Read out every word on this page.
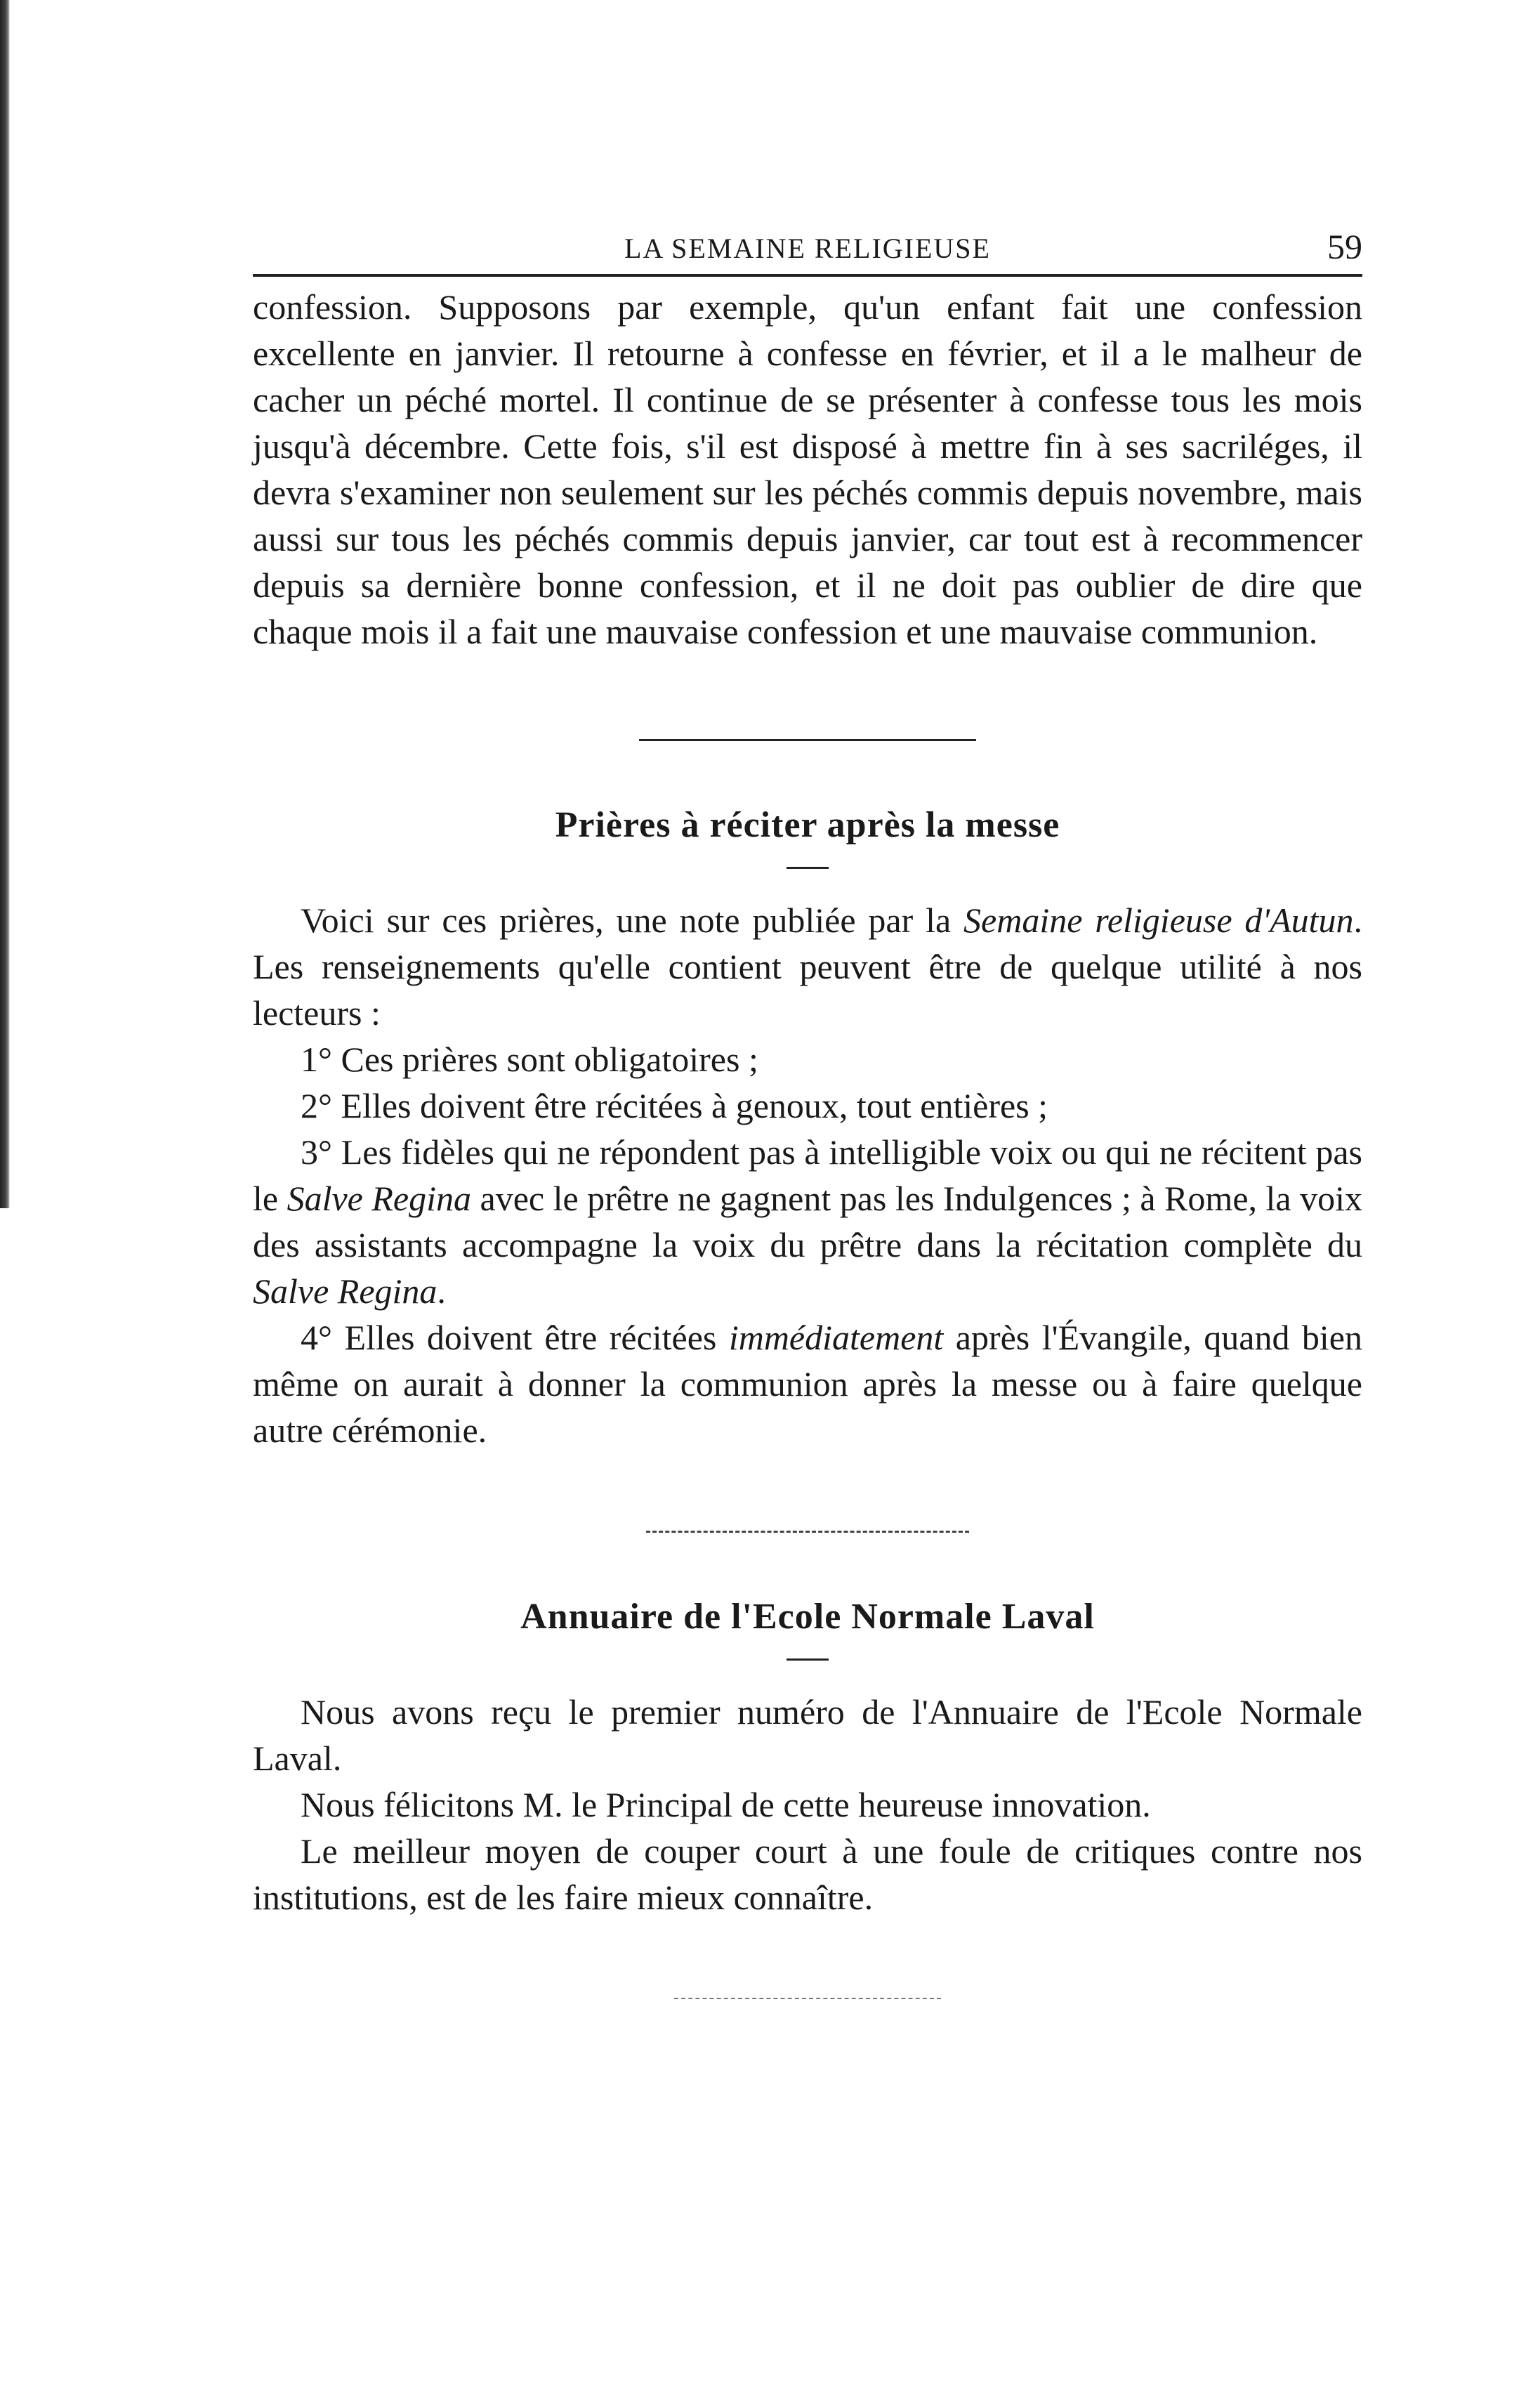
LA SEMAINE RELIGIEUSE	59

confession. Supposons par exemple, qu'un enfant fait une confession excellente en janvier. Il retourne à confesse en février, et il a le malheur de cacher un péché mortel. Il continue de se présenter à confesse tous les mois jusqu'à décembre. Cette fois, s'il est disposé à mettre fin à ses sacriléges, il devra s'examiner non seulement sur les péchés commis depuis novembre, mais aussi sur tous les péchés commis depuis janvier, car tout est à recommencer depuis sa dernière bonne confession, et il ne doit pas oublier de dire que chaque mois il a fait une mauvaise confession et une mauvaise communion.

Prières à réciter après la messe

Voici sur ces prières, une note publiée par la Semaine religieuse d'Autun. Les renseignements qu'elle contient peuvent être de quelque utilité à nos lecteurs :

1° Ces prières sont obligatoires ;

2° Elles doivent être récitées à genoux, tout entières ;

3° Les fidèles qui ne répondent pas à intelligible voix ou qui ne récitent pas le Salve Regina avec le prêtre ne gagnent pas les Indulgences ; à Rome, la voix des assistants accompagne la voix du prêtre dans la récitation complète du Salve Regina.

4° Elles doivent être récitées immédiatement après l'Évangile, quand bien même on aurait à donner la communion après la messe ou à faire quelque autre cérémonie.

Annuaire de l'Ecole Normale Laval

Nous avons reçu le premier numéro de l'Annuaire de l'Ecole Normale Laval.

Nous félicitons M. le Principal de cette heureuse innovation.

Le meilleur moyen de couper court à une foule de critiques contre nos institutions, est de les faire mieux connaître.
